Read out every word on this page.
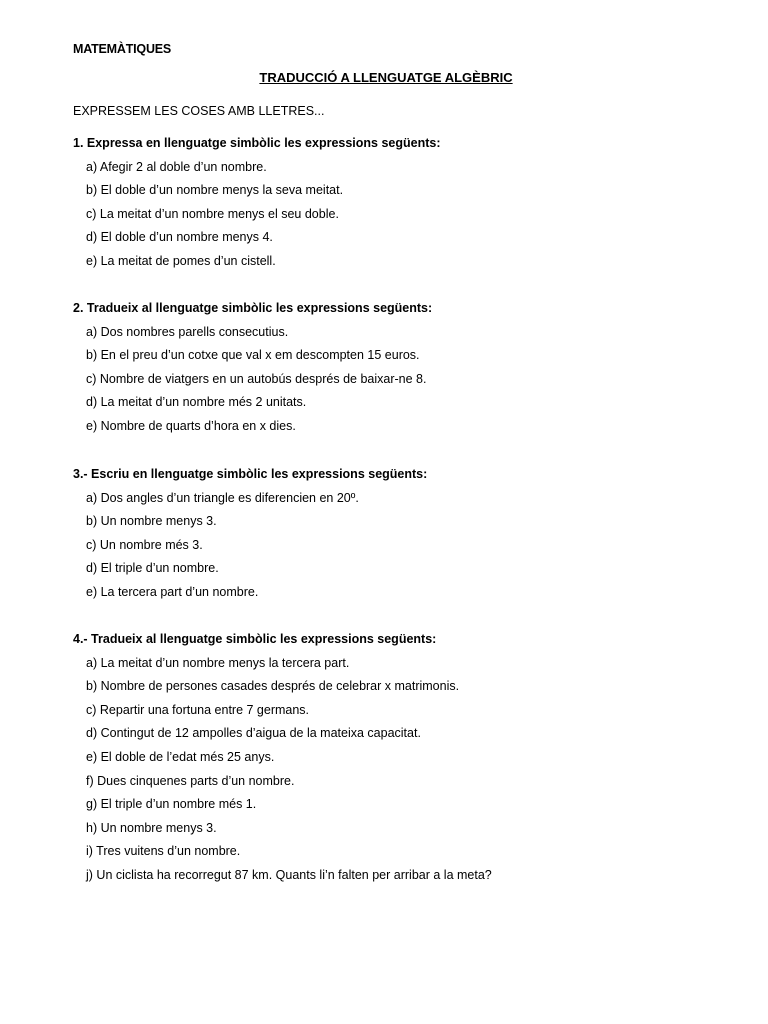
MATEMÀTIQUES
TRADUCCIÓ A LLENGUATGE ALGÈBRIC
EXPRESSEM LES COSES AMB LLETRES...
1. Expressa en llenguatge simbòlic les expressions següents:
a) Afegir 2 al doble d’un nombre.
b) El doble d’un nombre menys la seva meitat.
c) La meitat d’un nombre menys el seu doble.
d) El doble d’un nombre menys 4.
e) La meitat de pomes d’un cistell.
2. Tradueix al llenguatge simbòlic les expressions següents:
a) Dos nombres parells consecutius.
b) En el preu d’un cotxe que val x em descompten 15 euros.
c) Nombre de viatgers en un autobús després de baixar-ne 8.
d) La meitat d’un nombre més 2 unitats.
e) Nombre de quarts d’hora en x dies.
3.- Escriu en llenguatge simbòlic les expressions següents:
a) Dos angles d’un triangle es diferencien en 20º.
b) Un nombre menys 3.
c) Un nombre més 3.
d) El triple d’un nombre.
e) La tercera part d’un nombre.
4.- Tradueix al llenguatge simbòlic les expressions següents:
a) La meitat d’un nombre menys la tercera part.
b) Nombre de persones casades després de celebrar x matrimonis.
c) Repartir una fortuna entre 7 germans.
d) Contingut de 12 ampolles d’aigua de la mateixa capacitat.
e) El doble de l’edat més 25 anys.
f) Dues cinquenes parts d’un nombre.
g) El triple d’un nombre més 1.
h) Un nombre menys 3.
i) Tres vuitens d’un nombre.
j) Un ciclista ha recorregut 87 km. Quants li’n falten per arribar a la meta?
